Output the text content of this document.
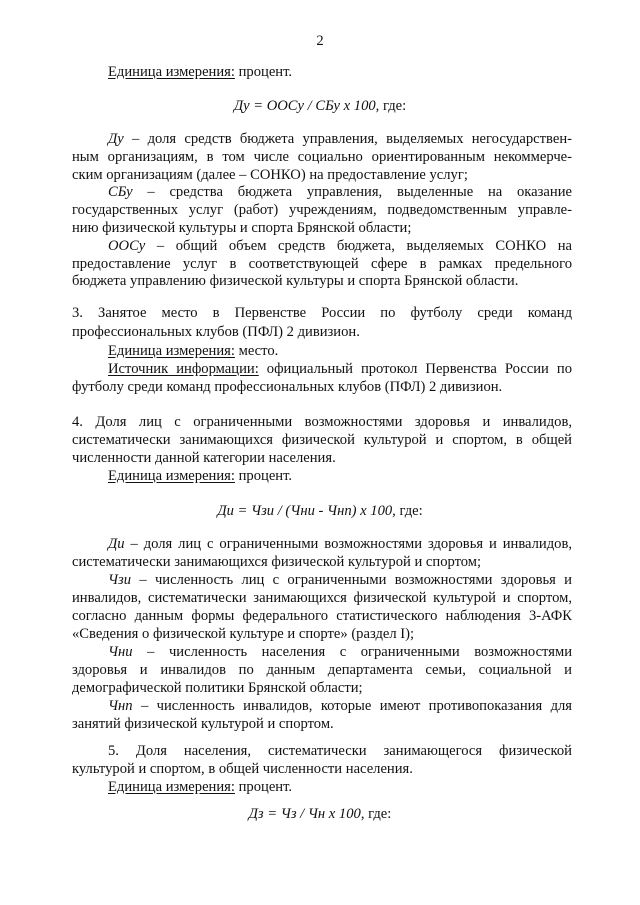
2
Единица измерения: процент.
Ду = ООСу / СБу х 100, где:
Ду – доля средств бюджета управления, выделяемых негосударствен-
ным организациям, в том числе социально ориентированным некоммерче-
ским организациям (далее – СОНКО) на предоставление услуг;
СБу – средства бюджета управления, выделенные на оказание
государственных услуг (работ) учреждениям, подведомственным управле-
нию физической культуры и спорта Брянской области;
ООСу – общий объем средств бюджета, выделяемых СОНКО на
предоставление услуг в соответствующей сфере в рамках предельного
бюджета управлению физической культуры и спорта Брянской области.
3. Занятое место в Первенстве России по футболу среди команд
профессиональных клубов (ПФЛ) 2 дивизион.
Единица измерения: место.
Источник информации: официальный протокол Первенства России по
футболу среди команд профессиональных клубов (ПФЛ) 2 дивизион.
4. Доля лиц с ограниченными возможностями здоровья и инвалидов,
систематически занимающихся физической культурой и спортом, в общей
численности данной категории населения.
Единица измерения: процент.
Ди = Чзи / (Чни - Чнп) х 100, где:
Ди – доля лиц с ограниченными возможностями здоровья и инвалидов,
систематически занимающихся физической культурой и спортом;
Чзи – численность лиц с ограниченными возможностями здоровья и
инвалидов, систематически занимающихся физической культурой и спортом,
согласно данным формы федерального статистического наблюдения 3-АФК
«Сведения о физической культуре и спорте» (раздел I);
Чни – численность населения с ограниченными возможностями
здоровья и инвалидов по данным департамента семьи, социальной и
демографической политики Брянской области;
Чнп – численность инвалидов, которые имеют противопоказания для
занятий физической культурой и спортом.
5. Доля населения, систематически занимающегося физической
культурой и спортом, в общей численности населения.
Единица измерения: процент.
Дз = Чз / Чн х 100, где:
